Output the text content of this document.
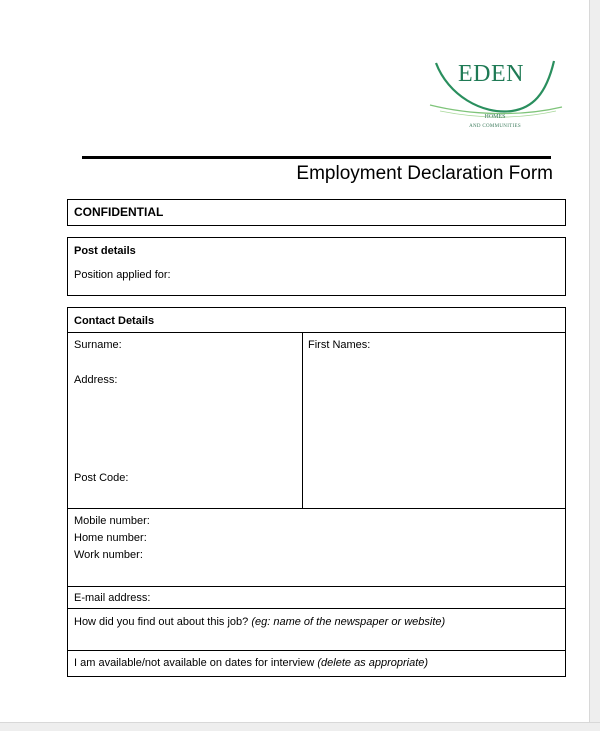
EDEN
HOMES
AND COMMUNITIES
Employment Declaration Form
CONFIDENTIAL
Post details
Position applied for:
Contact Details
Surname:	First Names:
Address:
Post Code:
Mobile number:
Home number:
Work number:
E-mail address:
How did you find out about this job? (eg: name of the newspaper or website)
I am available/not available on dates for interview (delete as appropriate)
